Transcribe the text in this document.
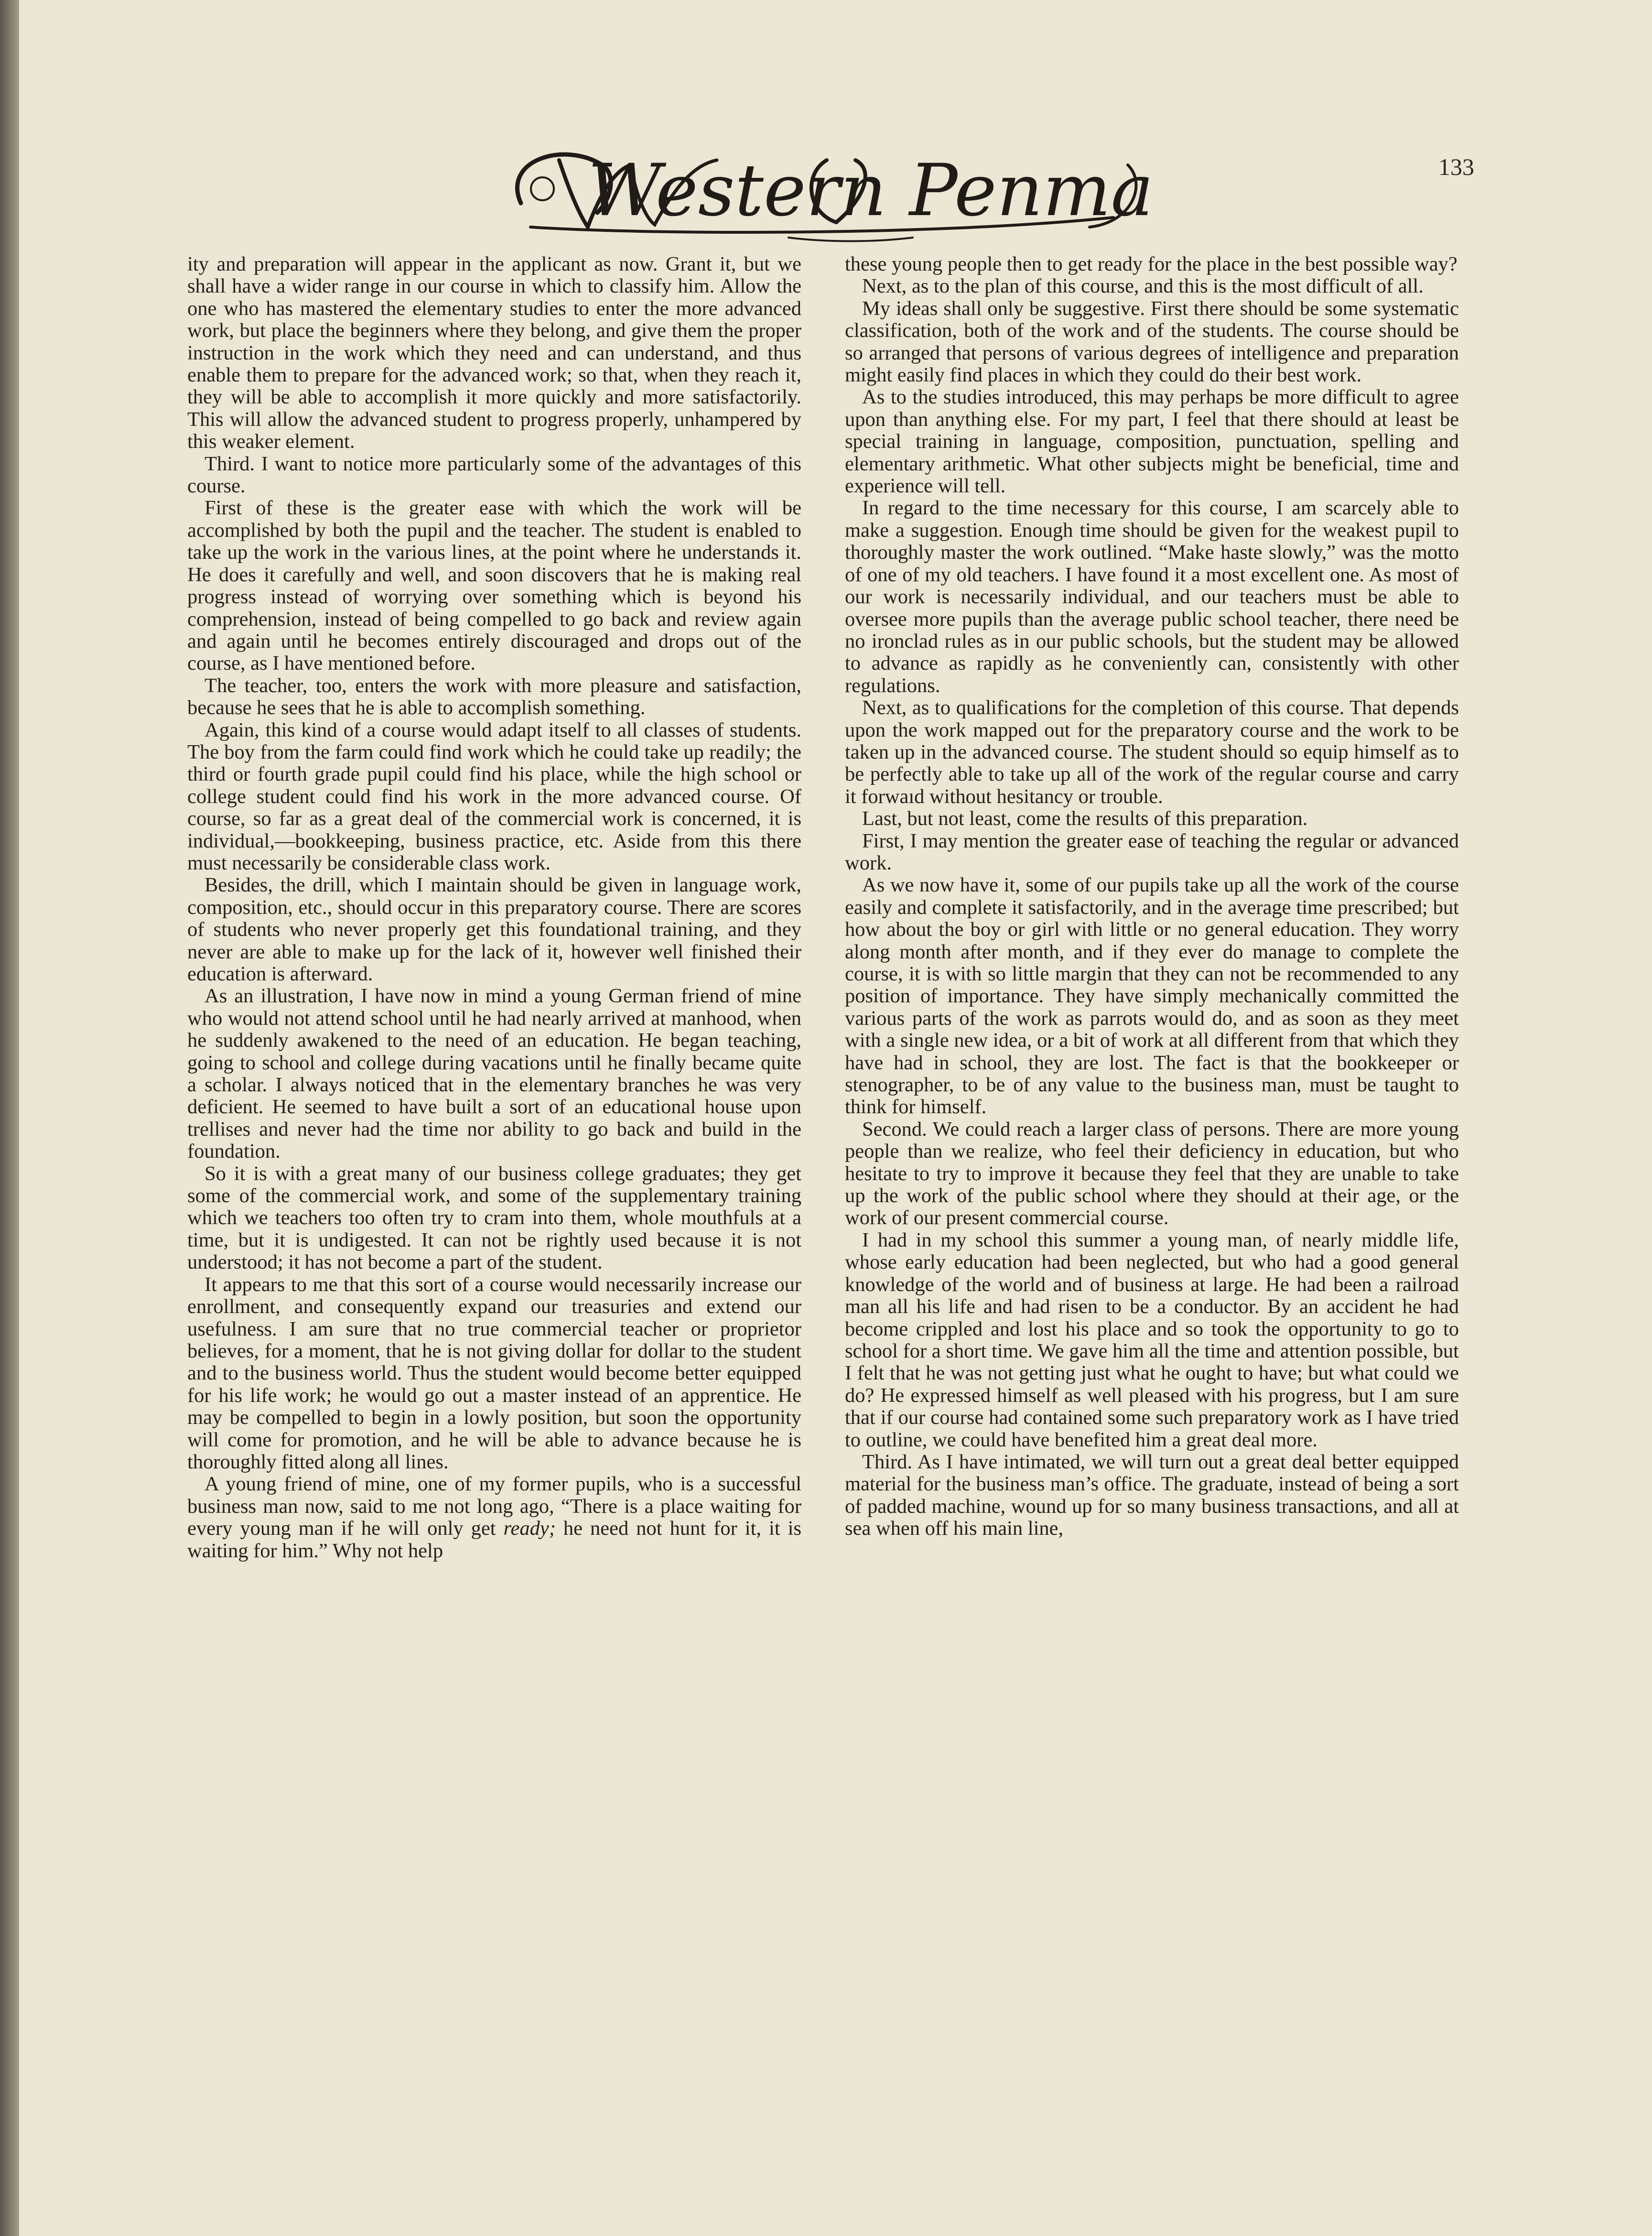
Western Penman	133

ity and preparation will appear in the applicant as now. Grant it, but we shall have a wider range in our course in which to classify him. Allow the one who has mastered the elementary studies to enter the more advanced work, but place the beginners where they belong, and give them the proper instruction in the work which they need and can understand, and thus enable them to prepare for the advanced work; so that, when they reach it, they will be able to accomplish it more quickly and more satisfactorily. This will allow the advanced student to progress properly, unhampered by this weaker element.

Third. I want to notice more particularly some of the advantages of this course.

First of these is the greater ease with which the work will be accomplished by both the pupil and the teacher. The student is enabled to take up the work in the various lines, at the point where he understands it. He does it carefully and well, and soon discovers that he is making real progress instead of worrying over something which is beyond his comprehension, instead of being compelled to go back and review again and again until he becomes entirely discouraged and drops out of the course, as I have mentioned before.

The teacher, too, enters the work with more pleasure and satisfaction, because he sees that he is able to accomplish something.

Again, this kind of a course would adapt itself to all classes of students. The boy from the farm could find work which he could take up readily; the third or fourth grade pupil could find his place, while the high school or college student could find his work in the more advanced course. Of course, so far as a great deal of the commercial work is concerned, it is individual,—bookkeeping, business practice, etc. Aside from this there must necessarily be considerable class work.

Besides, the drill, which I maintain should be given in language work, composition, etc., should occur in this preparatory course. There are scores of students who never properly get this foundational training, and they never are able to make up for the lack of it, however well finished their education is afterward.

As an illustration, I have now in mind a young German friend of mine who would not attend school until he had nearly arrived at manhood, when he suddenly awakened to the need of an education. He began teaching, going to school and college during vacations until he finally became quite a scholar. I always noticed that in the elementary branches he was very deficient. He seemed to have built a sort of an educational house upon trellises and never had the time nor ability to go back and build in the foundation.

So it is with a great many of our business college graduates; they get some of the commercial work, and some of the supplementary training which we teachers too often try to cram into them, whole mouthfuls at a time, but it is undigested. It can not be rightly used because it is not understood; it has not become a part of the student.

It appears to me that this sort of a course would necessarily increase our enrollment, and consequently expand our treasuries and extend our usefulness. I am sure that no true commercial teacher or proprietor believes, for a moment, that he is not giving dollar for dollar to the student and to the business world. Thus the student would become better equipped for his life work; he would go out a master instead of an apprentice. He may be compelled to begin in a lowly position, but soon the opportunity will come for promotion, and he will be able to advance because he is thoroughly fitted along all lines.

A young friend of mine, one of my former pupils, who is a successful business man now, said to me not long ago, “There is a place waiting for every young man if he will only get ready; he need not hunt for it, it is waiting for him.” Why not help

these young people then to get ready for the place in the best possible way?

Next, as to the plan of this course, and this is the most difficult of all.

My ideas shall only be suggestive. First there should be some systematic classification, both of the work and of the students. The course should be so arranged that persons of various degrees of intelligence and preparation might easily find places in which they could do their best work.

As to the studies introduced, this may perhaps be more difficult to agree upon than anything else. For my part, I feel that there should at least be special training in language, composition, punctuation, spelling and elementary arithmetic. What other subjects might be beneficial, time and experience will tell.

In regard to the time necessary for this course, I am scarcely able to make a suggestion. Enough time should be given for the weakest pupil to thoroughly master the work outlined. “Make haste slowly,” was the motto of one of my old teachers. I have found it a most excellent one. As most of our work is necessarily individual, and our teachers must be able to oversee more pupils than the average public school teacher, there need be no ironclad rules as in our public schools, but the student may be allowed to advance as rapidly as he conveniently can, consistently with other regulations.

Next, as to qualifications for the completion of this course. That depends upon the work mapped out for the preparatory course and the work to be taken up in the advanced course. The student should so equip himself as to be perfectly able to take up all of the work of the regular course and carry it forwaıd without hesitancy or trouble.

Last, but not least, come the results of this preparation.

First, I may mention the greater ease of teaching the regular or advanced work.

As we now have it, some of our pupils take up all the work of the course easily and complete it satisfactorily, and in the average time prescribed; but how about the boy or girl with little or no general education. They worry along month after month, and if they ever do manage to complete the course, it is with so little margin that they can not be recommended to any position of importance. They have simply mechanically committed the various parts of the work as parrots would do, and as soon as they meet with a single new idea, or a bit of work at all different from that which they have had in school, they are lost. The fact is that the bookkeeper or stenographer, to be of any value to the business man, must be taught to think for himself.

Second. We could reach a larger class of persons. There are more young people than we realize, who feel their deficiency in education, but who hesitate to try to improve it because they feel that they are unable to take up the work of the public school where they should at their age, or the work of our present commercial course.

I had in my school this summer a young man, of nearly middle life, whose early education had been neglected, but who had a good general knowledge of the world and of business at large. He had been a railroad man all his life and had risen to be a conductor. By an accident he had become crippled and lost his place and so took the opportunity to go to school for a short time. We gave him all the time and attention possible, but I felt that he was not getting just what he ought to have; but what could we do? He expressed himself as well pleased with his progress, but I am sure that if our course had contained some such preparatory work as I have tried to outline, we could have benefited him a great deal more.

Third. As I have intimated, we will turn out a great deal better equipped material for the business man’s office. The graduate, instead of being a sort of padded machine, wound up for so many business transactions, and all at sea when off his main line,
